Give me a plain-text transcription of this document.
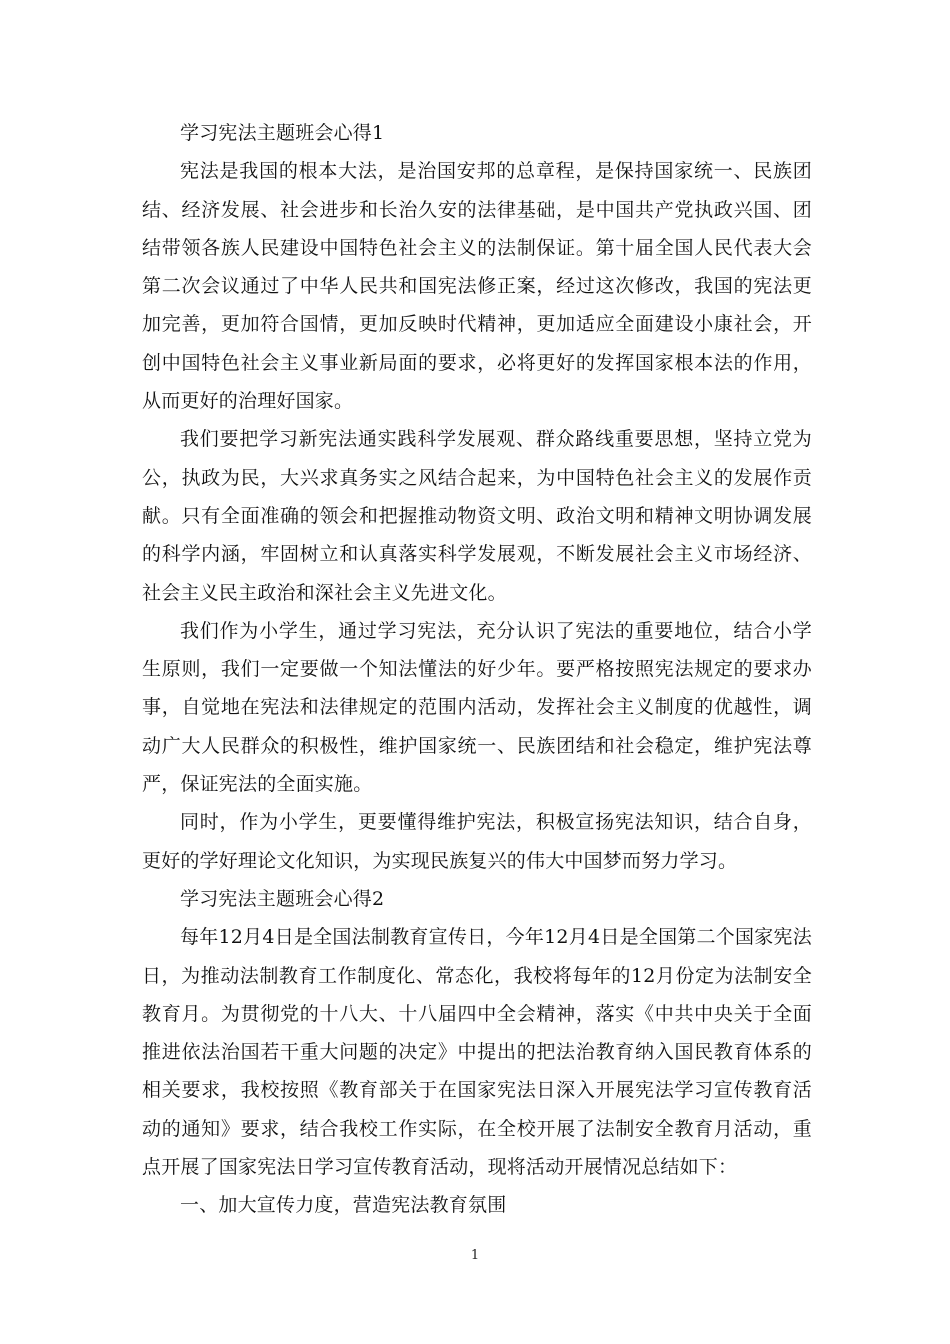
学习宪法主题班会心得1

宪法是我国的根本大法，是治国安邦的总章程，是保持国家统一、民族团结、经济发展、社会进步和长治久安的法律基础，是中国共产党执政兴国、团结带领各族人民建设中国特色社会主义的法制保证。第十届全国人民代表大会第二次会议通过了中华人民共和国宪法修正案，经过这次修改，我国的宪法更加完善，更加符合国情，更加反映时代精神，更加适应全面建设小康社会，开创中国特色社会主义事业新局面的要求，必将更好的发挥国家根本法的作用，从而更好的治理好国家。

我们要把学习新宪法通实践科学发展观、群众路线重要思想，坚持立党为公，执政为民，大兴求真务实之风结合起来，为中国特色社会主义的发展作贡献。只有全面准确的领会和把握推动物资文明、政治文明和精神文明协调发展的科学内涵，牢固树立和认真落实科学发展观，不断发展社会主义市场经济、社会主义民主政治和深社会主义先进文化。

我们作为小学生，通过学习宪法，充分认识了宪法的重要地位，结合小学生原则，我们一定要做一个知法懂法的好少年。要严格按照宪法规定的要求办事，自觉地在宪法和法律规定的范围内活动，发挥社会主义制度的优越性，调动广大人民群众的积极性，维护国家统一、民族团结和社会稳定，维护宪法尊严，保证宪法的全面实施。

同时，作为小学生，更要懂得维护宪法，积极宣扬宪法知识，结合自身，更好的学好理论文化知识，为实现民族复兴的伟大中国梦而努力学习。

学习宪法主题班会心得2

每年12月4日是全国法制教育宣传日，今年12月4日是全国第二个国家宪法日，为推动法制教育工作制度化、常态化，我校将每年的12月份定为法制安全教育月。为贯彻党的十八大、十八届四中全会精神，落实《中共中央关于全面推进依法治国若干重大问题的决定》中提出的把法治教育纳入国民教育体系的相关要求，我校按照《教育部关于在国家宪法日深入开展宪法学习宣传教育活动的通知》要求，结合我校工作实际，在全校开展了法制安全教育月活动，重点开展了国家宪法日学习宣传教育活动，现将活动开展情况总结如下：

一、加大宣传力度，营造宪法教育氛围

1
